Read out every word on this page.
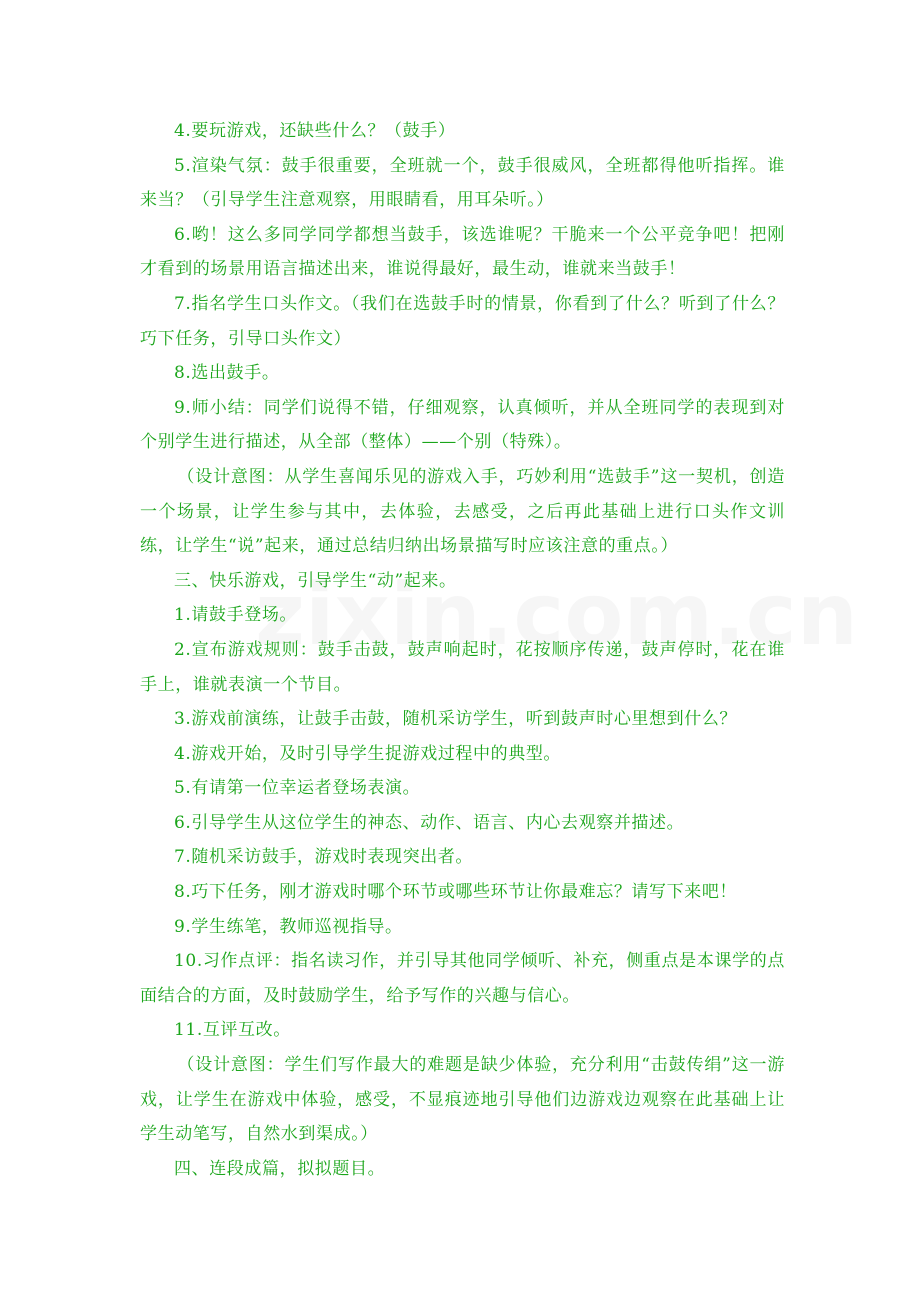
4.要玩游戏，还缺些什么？（鼓手）

5.渲染气氛：鼓手很重要，全班就一个，鼓手很威风，全班都得他听指挥。谁来当？（引导学生注意观察，用眼睛看，用耳朵听。）

6.哟！这么多同学同学都想当鼓手，该选谁呢？干脆来一个公平竞争吧！把刚才看到的场景用语言描述出来，谁说得最好，最生动，谁就来当鼓手！

7.指名学生口头作文。（我们在选鼓手时的情景，你看到了什么？听到了什么？巧下任务，引导口头作文）

8.选出鼓手。

9.师小结：同学们说得不错，仔细观察，认真倾听，并从全班同学的表现到对个别学生进行描述，从全部（整体）——个别（特殊）。

（设计意图：从学生喜闻乐见的游戏入手，巧妙利用“选鼓手”这一契机，创造一个场景，让学生参与其中，去体验，去感受，之后再此基础上进行口头作文训练，让学生“说”起来，通过总结归纳出场景描写时应该注意的重点。）

三、快乐游戏，引导学生“动”起来。

1.请鼓手登场。

2.宣布游戏规则：鼓手击鼓，鼓声响起时，花按顺序传递，鼓声停时，花在谁手上，谁就表演一个节目。

3.游戏前演练，让鼓手击鼓，随机采访学生，听到鼓声时心里想到什么？

4.游戏开始，及时引导学生捉游戏过程中的典型。

5.有请第一位幸运者登场表演。

6.引导学生从这位学生的神态、动作、语言、内心去观察并描述。

7.随机采访鼓手，游戏时表现突出者。

8.巧下任务，刚才游戏时哪个环节或哪些环节让你最难忘？请写下来吧！

9.学生练笔，教师巡视指导。

10.习作点评：指名读习作，并引导其他同学倾听、补充，侧重点是本课学的点面结合的方面，及时鼓励学生，给予写作的兴趣与信心。

11.互评互改。

（设计意图：学生们写作最大的难题是缺少体验，充分利用“击鼓传绢”这一游戏，让学生在游戏中体验，感受，不显痕迹地引导他们边游戏边观察在此基础上让学生动笔写，自然水到渠成。）

四、连段成篇，拟拟题目。
